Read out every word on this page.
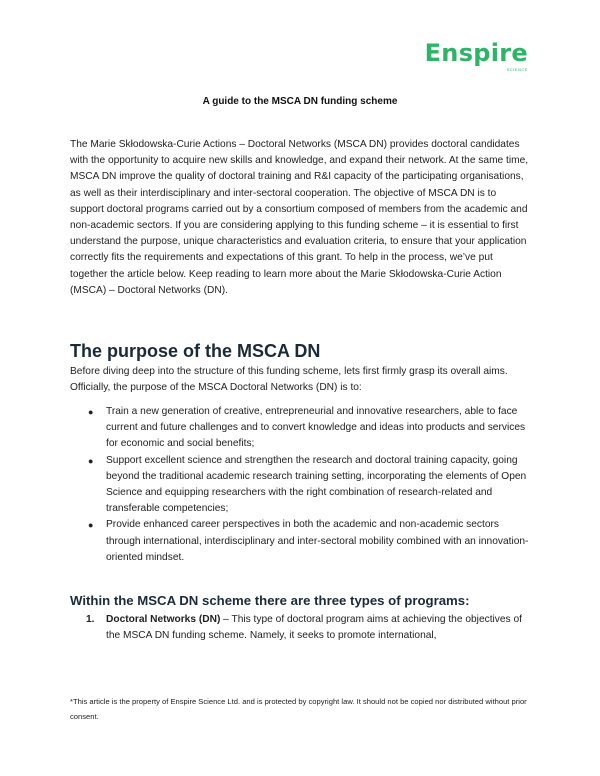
Enspire
SCIENCE
A guide to the MSCA DN funding scheme

The Marie Skłodowska-Curie Actions – Doctoral Networks (MSCA DN) provides doctoral candidates with the opportunity to acquire new skills and knowledge, and expand their network. At the same time, MSCA DN improve the quality of doctoral training and R&I capacity of the participating organisations, as well as their interdisciplinary and inter-sectoral cooperation. The objective of MSCA DN is to support doctoral programs carried out by a consortium composed of members from the academic and non-academic sectors. If you are considering applying to this funding scheme – it is essential to first understand the purpose, unique characteristics and evaluation criteria, to ensure that your application correctly fits the requirements and expectations of this grant. To help in the process, we’ve put together the article below. Keep reading to learn more about the Marie Skłodowska-Curie Action (MSCA) – Doctoral Networks (DN).

The purpose of the MSCA DN

Before diving deep into the structure of this funding scheme, lets first firmly grasp its overall aims. Officially, the purpose of the MSCA Doctoral Networks (DN) is to:

● Train a new generation of creative, entrepreneurial and innovative researchers, able to face current and future challenges and to convert knowledge and ideas into products and services for economic and social benefits;
● Support excellent science and strengthen the research and doctoral training capacity, going beyond the traditional academic research training setting, incorporating the elements of Open Science and equipping researchers with the right combination of research-related and transferable competencies;
● Provide enhanced career perspectives in both the academic and non-academic sectors through international, interdisciplinary and inter-sectoral mobility combined with an innovation-oriented mindset.
Within the MSCA DN scheme there are three types of programs:
1. Doctoral Networks (DN) – This type of doctoral program aims at achieving the objectives of the MSCA DN funding scheme. Namely, it seeks to promote international,

*This article is the property of Enspire Science Ltd. and is protected by copyright law. It should not be copied nor distributed without prior consent.
